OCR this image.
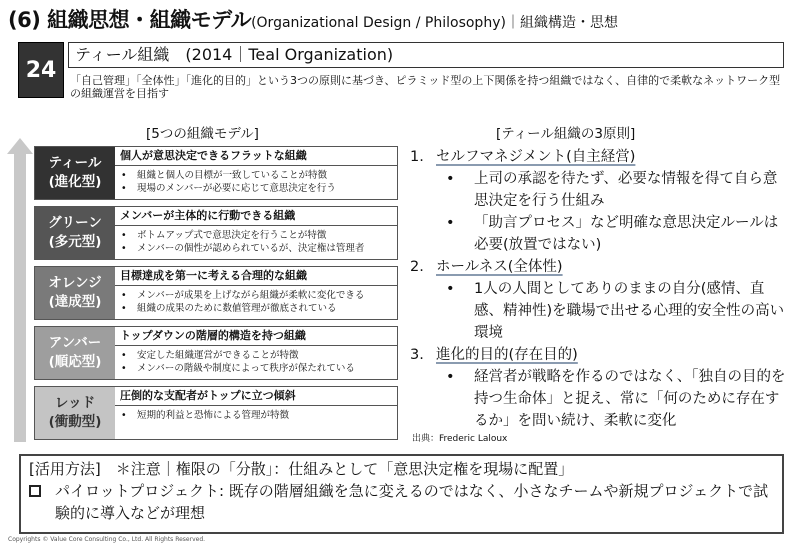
(6) 組織思想・組織モデル(Organizational Design / Philosophy)｜組織構造・思想
24
ティール組織　(2014｜Teal Organization)
「自己管理」「全体性」「進化的目的」という3つの原則に基づき、ピラミッド型の上下関係を持つ組織ではなく、自律的で柔軟なネットワーク型の組織運営を目指す
[5つの組織モデル]	[ティール組織の3原則]
ティール
(進化型)
個人が意思決定できるフラットな組織
• 組織と個人の目標が一致していることが特徴
• 現場のメンバーが必要に応じて意思決定を行う
グリーン
(多元型)
メンバーが主体的に行動できる組織
• ボトムアップ式で意思決定を行うことが特徴
• メンバーの個性が認められているが、決定権は管理者
オレンジ
(達成型)
目標達成を第一に考える合理的な組織
• メンバーが成果を上げながら組織が柔軟に変化できる
• 組織の成果のために数値管理が徹底されている
アンバー
(順応型)
トップダウンの階層的構造を持つ組織
• 安定した組織運営ができることが特徴
• メンバーの階級や制度によって秩序が保たれている
レッド
(衝動型)
圧倒的な支配者がトップに立つ傾斜
• 短期的利益と恐怖による管理が特徴
1. セルフマネジメント(自主経営)
• 上司の承認を待たず、必要な情報を得て自ら意思決定を行う仕組み
• 「助言プロセス」など明確な意思決定ルールは必要(放置ではない)
2. ホールネス(全体性)
• 1人の人間としてありのままの自分(感情、直感、精神性)を職場で出せる心理的安全性の高い環境
3. 進化的目的(存在目的)
• 経営者が戦略を作るのではなく、「独自の目的を持つ生命体」と捉え、常に「何のために存在するか」を問い続け、柔軟に変化
出典：Frederic Laloux
[活用方法]　＊注意｜権限の「分散」：仕組みとして「意思決定権を現場に配置」
パイロットプロジェクト: 既存の階層組織を急に変えるのではなく、小さなチームや新規プロジェクトで試験的に導入などが理想
Copyrights © Value Core Consulting Co., Ltd. All Rights Reserved.
